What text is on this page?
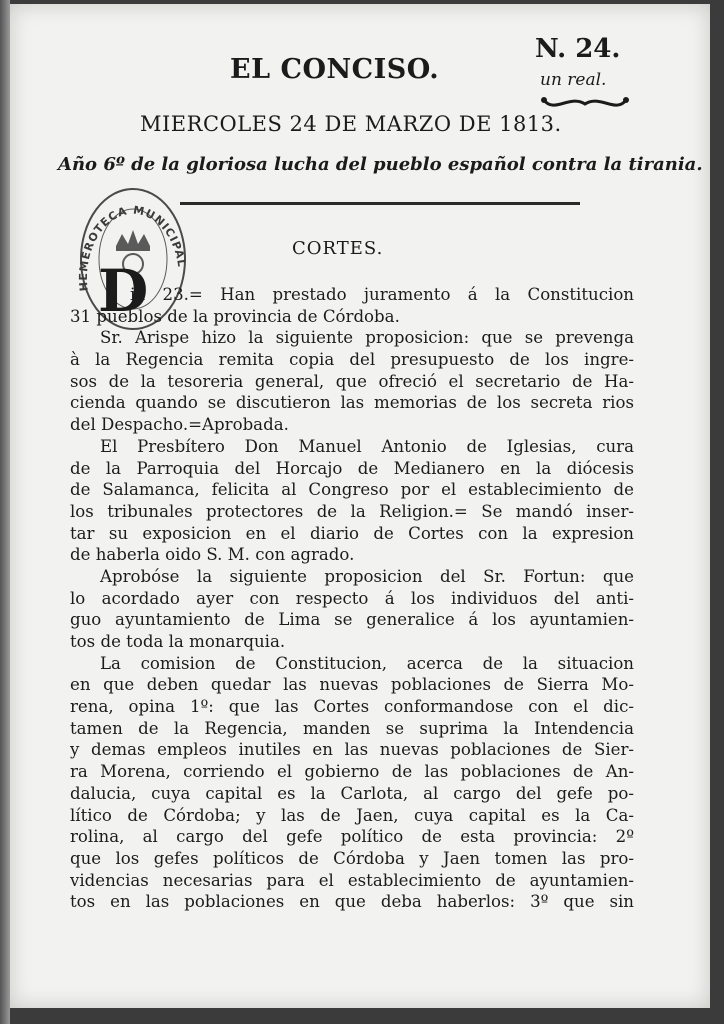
EL CONCISO.
N. 24.
un real.
MIERCOLES 24 DE MARZO DE 1813.
Año 6º de la gloriosa lucha del pueblo español contra la tirania.
CORTES.
HEMEROTECA MUNICIPAL
D
ia 23.= Han prestado juramento á la Constitucion
31 pueblos de la provincia de Córdoba.
Sr. Arispe hizo la siguiente proposicion: que se prevenga
à la Regencia remita copia del presupuesto de los ingre-
sos de la tesoreria general, que ofreció el secretario de Ha-
cienda quando se discutieron las memorias de los secreta rios
del Despacho.=Aprobada.
El Presbítero Don Manuel Antonio de Iglesias, cura
de la Parroquia del Horcajo de Medianero en la diócesis
de Salamanca, felicita al Congreso por el establecimiento de
los tribunales protectores de la Religion.= Se mandó inser-
tar su exposicion en el diario de Cortes con la expresion
de haberla oido S. M. con agrado.
Aprobóse la siguiente proposicion del Sr. Fortun: que
lo acordado ayer con respecto á los individuos del anti-
guo ayuntamiento de Lima se generalice á los ayuntamien-
tos de toda la monarquia.
La comision de Constitucion, acerca de la situacion
en que deben quedar las nuevas poblaciones de Sierra Mo-
rena, opina 1º: que las Cortes conformandose con el dic-
tamen de la Regencia, manden se suprima la Intendencia
y demas empleos inutiles en las nuevas poblaciones de Sier-
ra Morena, corriendo el gobierno de las poblaciones de An-
dalucia, cuya capital es la Carlota, al cargo del gefe po-
lítico de Córdoba; y las de Jaen, cuya capital es la Ca-
rolina, al cargo del gefe político de esta provincia: 2º
que los gefes políticos de Córdoba y Jaen tomen las pro-
videncias necesarias para el establecimiento de ayuntamien-
tos en las poblaciones en que deba haberlos: 3º que sin
